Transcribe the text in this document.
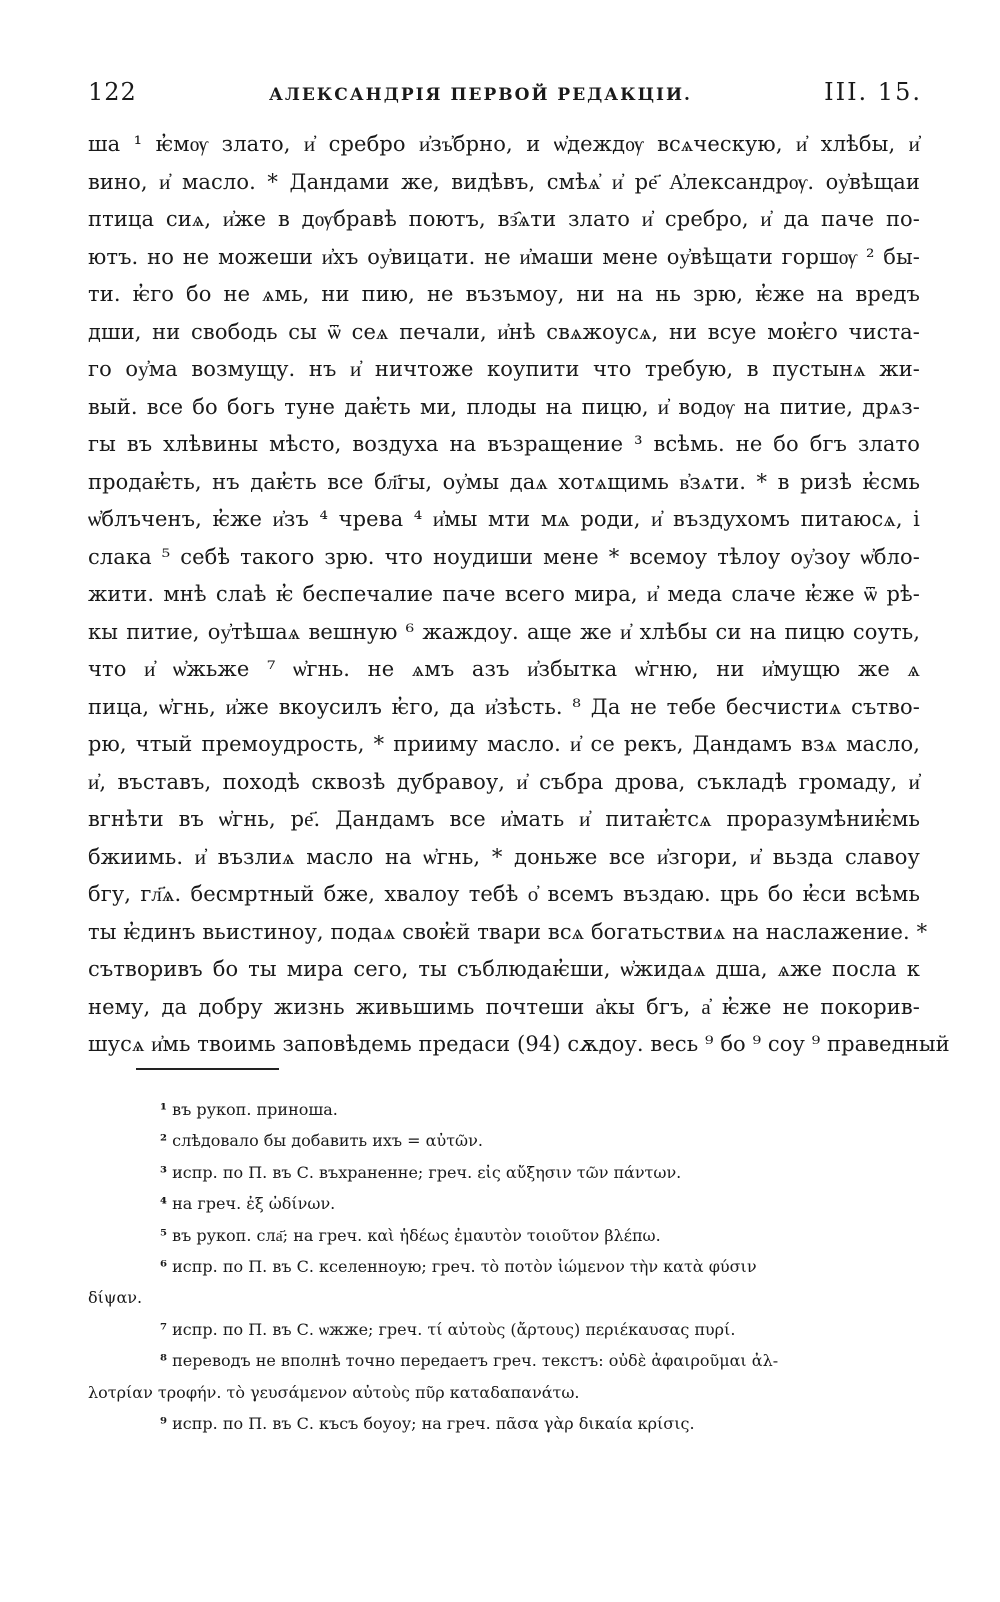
122	АЛЕКСАНДРІЯ ПЕРВОЙ РЕДАКЦІИ.	III. 15.
ша ¹ ѥ̓мѹ злато, и҆ сребро и҆зъ҆брно, и ѡ҆деждѹ всѧческую, и҆ хлѣбы, и҆
вино, и҆ масло. * Дандами же, видѣвъ, смѣѧ҆ и҆ ре҃ А҆лександрѹ. оу҆вѣщаи
птица сиѧ, и҆же в дѹбравѣ поютъ, вз҄ѧти злато и҆ сребро, и҆ да паче по-
ютъ. но не можеши и҆хъ оу҆вицати. не и҆маши мене оу҆вѣщати горшѹ ² бы-
ти. ѥ̓го бо не ѧмь, ни пию, не възъмоу, ни на нь зрю, ѥ̓же на вредъ
дши, ни свободь сы ѿ сеѧ печали, и҆нѣ свѧжоусѧ, ни всуе моѥ̓го чиста-
го оу҆ма возмущу. нъ и҆ ничтоже коупити что требую, в пустынѧ жи-
вый. все бо богь туне даѥ̓ть ми, плоды на пицю, и҆ водѹ на питие, дрѧз-
гы въ хлѣвины мѣсто, воздуха на възращение ³ всѣмь. не бо бгъ злато
продаѥ̓ть, нъ даѥ̓ть все бл҃гы, оу҆мы даѧ хотѧщимь в҆зѧти. * в ризѣ ѥ̓смь
ѡ҆блъченъ, ѥ̓же и҆зъ ⁴ чрева ⁴ и҆мы мти мѧ роди, и҆ въздухомъ питаюсѧ, і
слака ⁵ себѣ такого зрю. что ноудиши мене * всемоу тѣлоу оу҆зоу ѡ҆бло-
жити. мнѣ слаѣ ѥ̓ беспечалие паче всего мира, и҆ меда слаче ѥ̓же ѿ рѣ-
кы питие, оу҆тѣшаѧ вешную ⁶ жаждоу. аще же и҆ хлѣбы си на пицю соуть,
что и҆ ѡ҆жьже ⁷ ѡ҆гнь. не ѧмъ азъ и҆збытка ѡ҆гню, ни и҆мущю же ѧ
пица, ѡ҆гнь, и҆же вкоусилъ ѥ̓го, да и҆зѣсть. ⁸ Да не тебе бесчистиѧ сътво-
рю, чтый премоудрость, * прииму масло. и҆ се рекъ, Дандамъ взѧ масло,
и҆, въставъ, походѣ сквозѣ дубравоу, и҆ събра дрова, съкладѣ громаду, и҆
вгнѣти въ ѡ҆гнь, ре҃. Дандамъ все и҆мать и҆ питаѥ̓тсѧ проразумѣниѥ̓мь
бжиимь. и҆ възлиѧ масло на ѡ҆гнь, * доньже все и҆згори, и҆ вьзда славоу
бгу, гл҃ѧ. бесмртный бже, хвалоу тебѣ о҆ всемъ въздаю. црь бо ѥ̓си всѣмь
ты ѥ̓динъ вьистиноу, подаѧ своѥ̓й твари всѧ богатьствиѧ на наслажение. *
сътворивъ бо ты мира сего, ты съблюдаѥ̓ши, ѡ҆жидаѧ дша, ѧже посла к
нему, да добру жизнь живьшимь почтеши а҆кы бгъ, а҆ ѥ̓же не покорив-
шусѧ и҆мь твоимь заповѣдемь предаси (94) сѫдоу. весь ⁹ бо ⁹ соу ⁹ праведный
¹ въ рукоп. приноша.
² слѣдовало бы добавить ихъ = αὐτῶν.
³ испр. по П. въ С. въхраненне; греч. εἰς αὔξησιν τῶν πάντων.
⁴ на греч. ἐξ ὠδίνων.
⁵ въ рукоп. сла҃; на греч. καὶ ἡδέως ἐμαυτὸν τοιοῦτον βλέπω.
⁶ испр. по П. въ С. кселенноую; греч. τὸ ποτὸν ἰώμενον τὴν κατὰ φύσιν
δίψαν.
⁷ испр. по П. въ С. ѡжже; греч. τί αὐτοὺς (ἄρτους) περιέκαυσας πυρί.
⁸ переводъ не вполнѣ точно передаетъ греч. текстъ: οὐδὲ ἀφαιροῦμαι ἀλ-
λοτρίαν τροφήν. τὸ γευσάμενον αὐτοὺς πῦρ καταδαπανάτω.
⁹ испр. по П. въ С. късъ боуоу; на греч. πᾶσα γὰρ δικαία κρίσις.
